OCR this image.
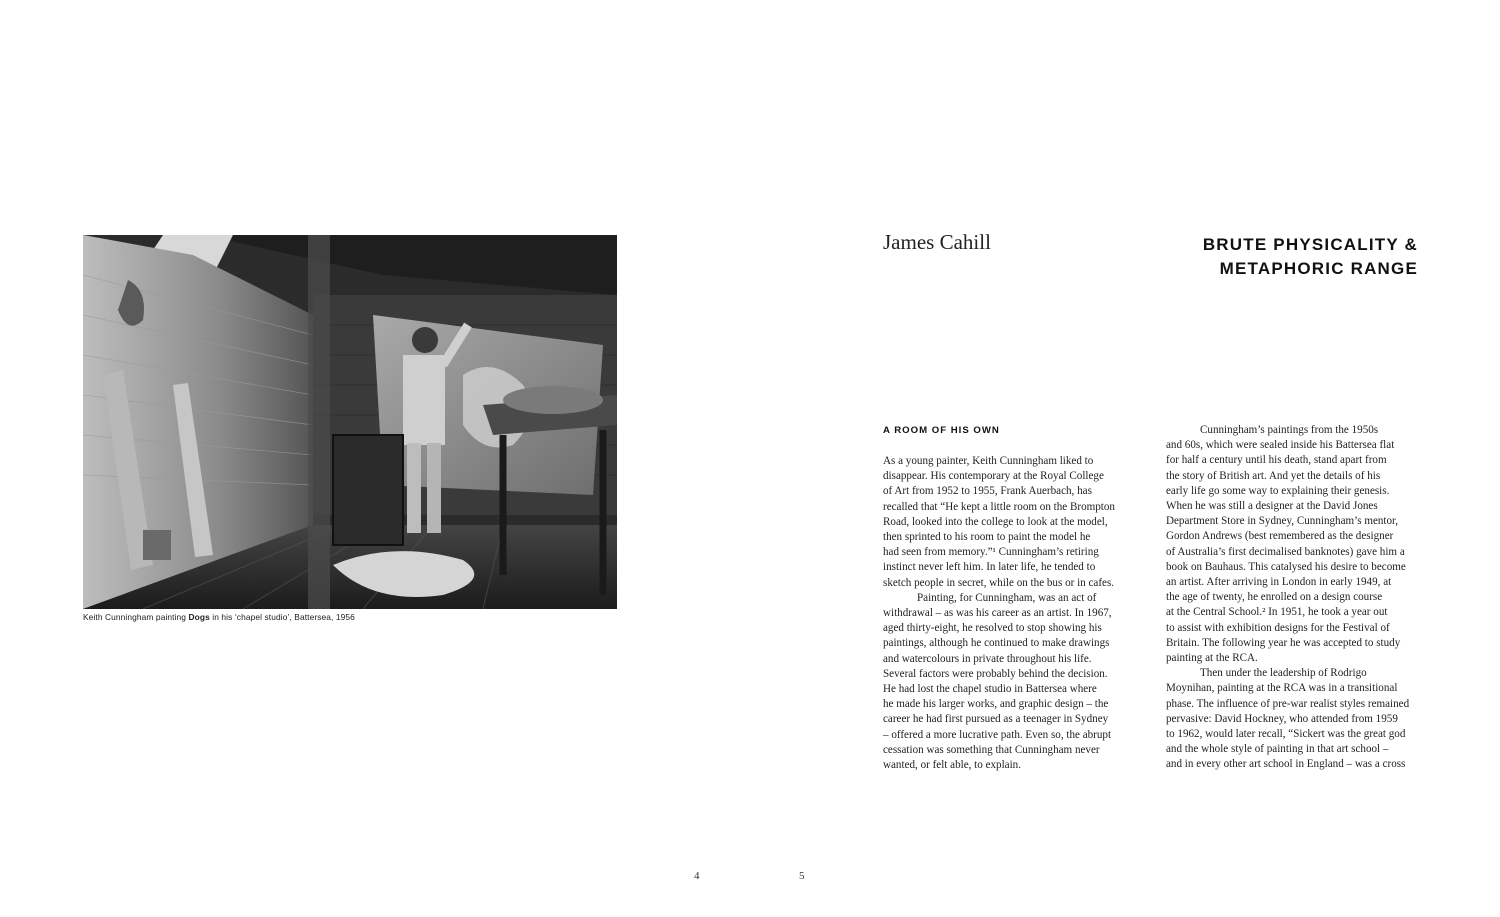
Keith Cunningham painting Dogs in his ‘chapel studio’, Battersea, 1956
4
James Cahill	BRUTE PHYSICALITY &
METAPHORIC RANGE
A ROOM OF HIS OWN
As a young painter, Keith Cunningham liked to
disappear. His contemporary at the Royal College
of Art from 1952 to 1955, Frank Auerbach, has
recalled that “He kept a little room on the Brompton
Road, looked into the college to look at the model,
then sprinted to his room to paint the model he
had seen from memory.”¹ Cunningham’s retiring
instinct never left him. In later life, he tended to
sketch people in secret, while on the bus or in cafes.
Painting, for Cunningham, was an act of
withdrawal – as was his career as an artist. In 1967,
aged thirty-eight, he resolved to stop showing his
paintings, although he continued to make drawings
and watercolours in private throughout his life.
Several factors were probably behind the decision.
He had lost the chapel studio in Battersea where
he made his larger works, and graphic design – the
career he had first pursued as a teenager in Sydney
– offered a more lucrative path. Even so, the abrupt
cessation was something that Cunningham never
wanted, or felt able, to explain.
Cunningham’s paintings from the 1950s
and 60s, which were sealed inside his Battersea flat
for half a century until his death, stand apart from
the story of British art. And yet the details of his
early life go some way to explaining their genesis.
When he was still a designer at the David Jones
Department Store in Sydney, Cunningham’s mentor,
Gordon Andrews (best remembered as the designer
of Australia’s first decimalised banknotes) gave him a
book on Bauhaus. This catalysed his desire to become
an artist. After arriving in London in early 1949, at
the age of twenty, he enrolled on a design course
at the Central School.² In 1951, he took a year out
to assist with exhibition designs for the Festival of
Britain. The following year he was accepted to study
painting at the RCA.
Then under the leadership of Rodrigo
Moynihan, painting at the RCA was in a transitional
phase. The influence of pre-war realist styles remained
pervasive: David Hockney, who attended from 1959
to 1962, would later recall, “Sickert was the great god
and the whole style of painting in that art school –
and in every other art school in England – was a cross
5
